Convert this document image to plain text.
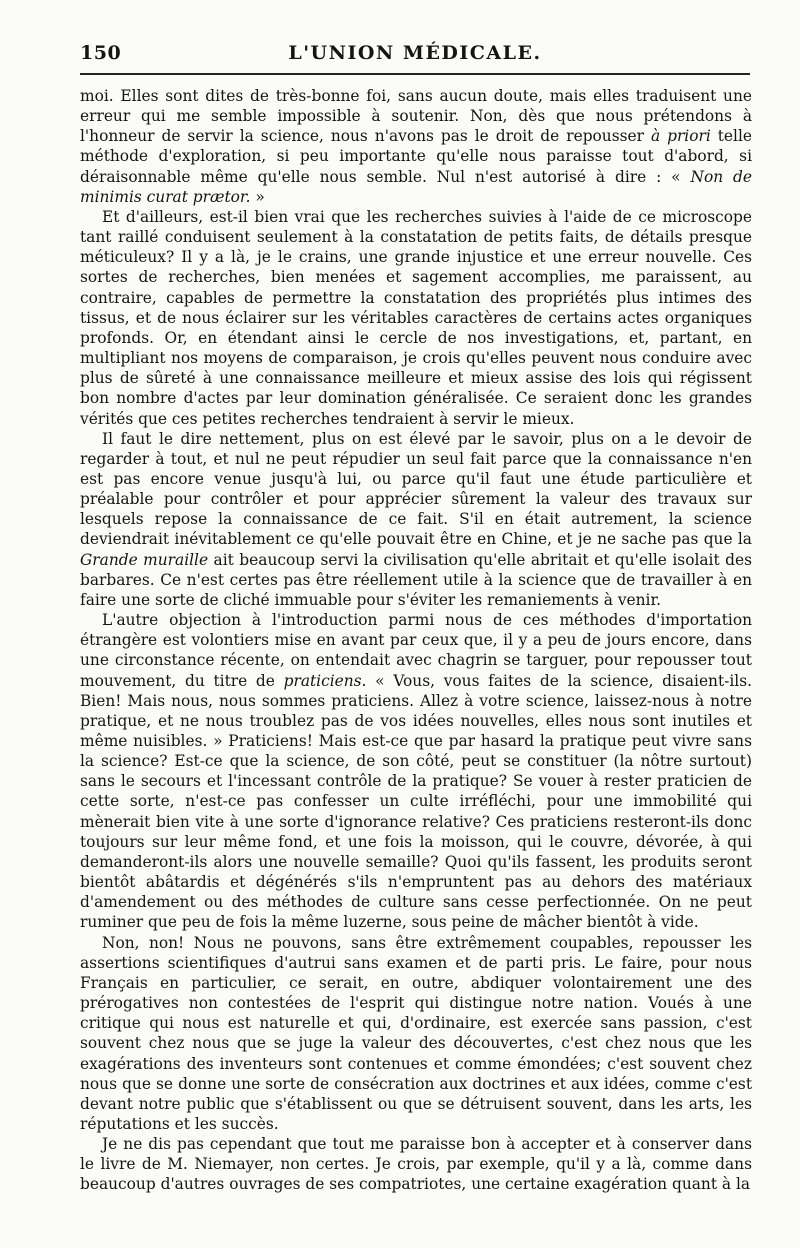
150	L'UNION MÉDICALE.

moi. Elles sont dites de très-bonne foi, sans aucun doute, mais elles traduisent une erreur qui me semble impossible à soutenir. Non, dès que nous prétendons à l'honneur de servir la science, nous n'avons pas le droit de repousser à priori telle méthode d'exploration, si peu importante qu'elle nous paraisse tout d'abord, si déraisonnable même qu'elle nous semble. Nul n'est autorisé à dire : « Non de minimis curat prætor. »

Et d'ailleurs, est-il bien vrai que les recherches suivies à l'aide de ce microscope tant raillé conduisent seulement à la constatation de petits faits, de détails presque méticuleux? Il y a là, je le crains, une grande injustice et une erreur nouvelle. Ces sortes de recherches, bien menées et sagement accomplies, me paraissent, au contraire, capables de permettre la constatation des propriétés plus intimes des tissus, et de nous éclairer sur les véritables caractères de certains actes organiques profonds. Or, en étendant ainsi le cercle de nos investigations, et, partant, en multipliant nos moyens de comparaison, je crois qu'elles peuvent nous conduire avec plus de sûreté à une connaissance meilleure et mieux assise des lois qui régissent bon nombre d'actes par leur domination généralisée. Ce seraient donc les grandes vérités que ces petites recherches tendraient à servir le mieux.

Il faut le dire nettement, plus on est élevé par le savoir, plus on a le devoir de regarder à tout, et nul ne peut répudier un seul fait parce que la connaissance n'en est pas encore venue jusqu'à lui, ou parce qu'il faut une étude particulière et préalable pour contrôler et pour apprécier sûrement la valeur des travaux sur lesquels repose la connaissance de ce fait. S'il en était autrement, la science deviendrait inévitablement ce qu'elle pouvait être en Chine, et je ne sache pas que la Grande muraille ait beaucoup servi la civilisation qu'elle abritait et qu'elle isolait des barbares. Ce n'est certes pas être réellement utile à la science que de travailler à en faire une sorte de cliché immuable pour s'éviter les remaniements à venir.

L'autre objection à l'introduction parmi nous de ces méthodes d'importation étrangère est volontiers mise en avant par ceux que, il y a peu de jours encore, dans une circonstance récente, on entendait avec chagrin se targuer, pour repousser tout mouvement, du titre de praticiens. « Vous, vous faites de la science, disaient-ils. Bien! Mais nous, nous sommes praticiens. Allez à votre science, laissez-nous à notre pratique, et ne nous troublez pas de vos idées nouvelles, elles nous sont inutiles et même nuisibles. » Praticiens! Mais est-ce que par hasard la pratique peut vivre sans la science? Est-ce que la science, de son côté, peut se constituer (la nôtre surtout) sans le secours et l'incessant contrôle de la pratique? Se vouer à rester praticien de cette sorte, n'est-ce pas confesser un culte irréfléchi, pour une immobilité qui mènerait bien vite à une sorte d'ignorance relative? Ces praticiens resteront-ils donc toujours sur leur même fond, et une fois la moisson, qui le couvre, dévorée, à qui demanderont-ils alors une nouvelle semaille? Quoi qu'ils fassent, les produits seront bientôt abâtardis et dégénérés s'ils n'empruntent pas au dehors des matériaux d'amendement ou des méthodes de culture sans cesse perfectionnée. On ne peut ruminer que peu de fois la même luzerne, sous peine de mâcher bientôt à vide.

Non, non! Nous ne pouvons, sans être extrêmement coupables, repousser les assertions scientifiques d'autrui sans examen et de parti pris. Le faire, pour nous Français en particulier, ce serait, en outre, abdiquer volontairement une des prérogatives non contestées de l'esprit qui distingue notre nation. Voués à une critique qui nous est naturelle et qui, d'ordinaire, est exercée sans passion, c'est souvent chez nous que se juge la valeur des découvertes, c'est chez nous que les exagérations des inventeurs sont contenues et comme émondées; c'est souvent chez nous que se donne une sorte de consécration aux doctrines et aux idées, comme c'est devant notre public que s'établissent ou que se détruisent souvent, dans les arts, les réputations et les succès.

Je ne dis pas cependant que tout me paraisse bon à accepter et à conserver dans le livre de M. Niemayer, non certes. Je crois, par exemple, qu'il y a là, comme dans beaucoup d'autres ouvrages de ses compatriotes, une certaine exagération quant à la
